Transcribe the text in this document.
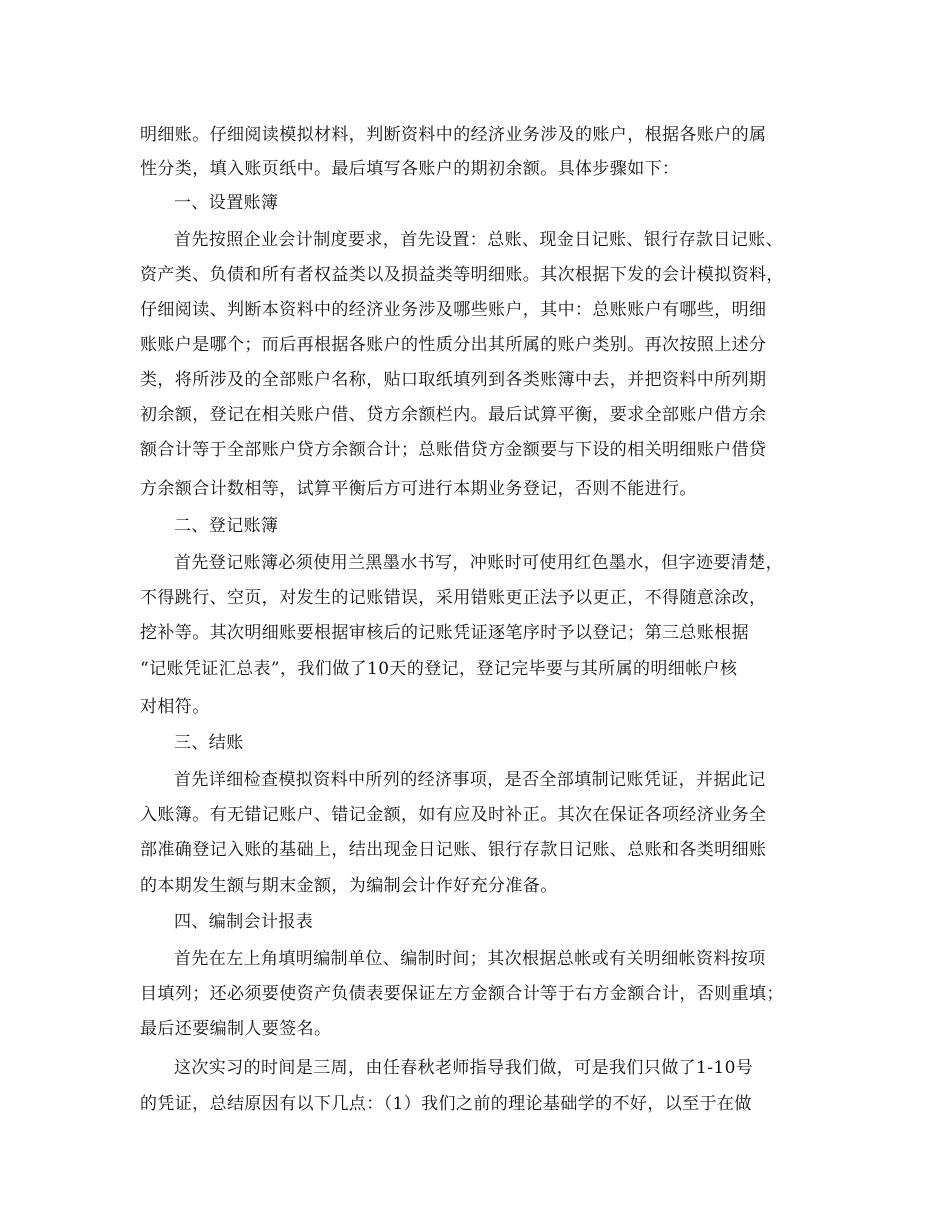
明细账。仔细阅读模拟材料，判断资料中的经济业务涉及的账户，根据各账户的属
性分类，填入账页纸中。最后填写各账户的期初余额。具体步骤如下：
一、设置账簿
首先按照企业会计制度要求，首先设置：总账、现金日记账、银行存款日记账、
资产类、负债和所有者权益类以及损益类等明细账。其次根据下发的会计模拟资料，
仔细阅读、判断本资料中的经济业务涉及哪些账户，其中：总账账户有哪些，明细
账账户是哪个；而后再根据各账户的性质分出其所属的账户类别。再次按照上述分
类，将所涉及的全部账户名称，贴口取纸填列到各类账簿中去，并把资料中所列期
初余额，登记在相关账户借、贷方余额栏内。最后试算平衡，要求全部账户借方余
额合计等于全部账户贷方余额合计；总账借贷方金额要与下设的相关明细账户借贷
方余额合计数相等，试算平衡后方可进行本期业务登记，否则不能进行。
二、登记账簿
首先登记账簿必须使用兰黑墨水书写，冲账时可使用红色墨水，但字迹要清楚，
不得跳行、空页，对发生的记账错误，采用错账更正法予以更正，不得随意涂改，
挖补等。其次明细账要根据审核后的记账凭证逐笔序时予以登记；第三总账根据
“记账凭证汇总表”，我们做了10天的登记，登记完毕要与其所属的明细帐户核
对相符。
三、结账
首先详细检查模拟资料中所列的经济事项，是否全部填制记账凭证，并据此记
入账簿。有无错记账户、错记金额，如有应及时补正。其次在保证各项经济业务全
部准确登记入账的基础上，结出现金日记账、银行存款日记账、总账和各类明细账
的本期发生额与期末金额，为编制会计作好充分准备。
四、编制会计报表
首先在左上角填明编制单位、编制时间；其次根据总帐或有关明细帐资料按项
目填列；还必须要使资产负债表要保证左方金额合计等于右方金额合计，否则重填；
最后还要编制人要签名。
这次实习的时间是三周，由任春秋老师指导我们做，可是我们只做了1-10号
的凭证，总结原因有以下几点：（1）我们之前的理论基础学的不好，以至于在做
